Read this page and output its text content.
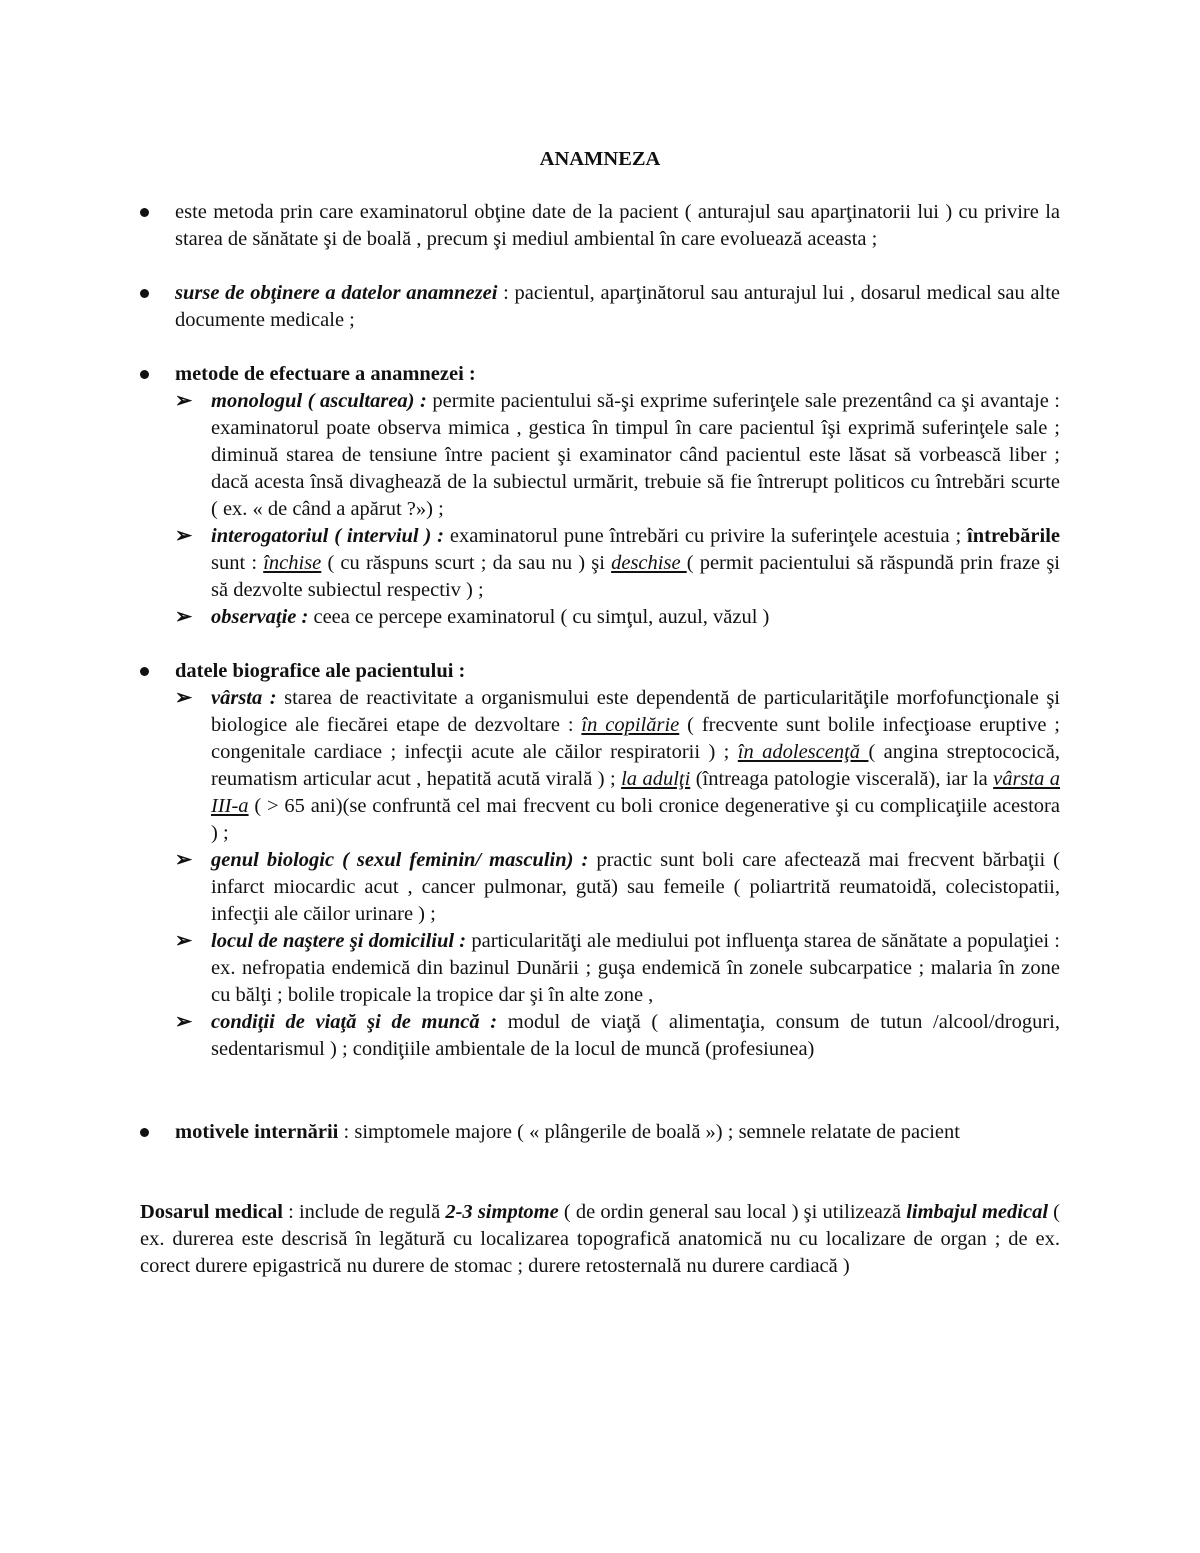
ANAMNEZA
este metoda prin care examinatorul obţine date de la pacient ( anturajul sau aparţinatorii lui ) cu privire la starea de sănătate şi de boală , precum şi mediul ambiental în care evoluează aceasta ;
surse de obţinere a datelor anamnezei : pacientul, aparţinătorul sau anturajul lui , dosarul medical sau alte documente medicale ;
metode de efectuare a anamnezei :
➢ monologul ( ascultarea) : permite pacientului să-şi exprime suferinţele sale prezentând ca şi avantaje : examinatorul poate observa mimica , gestica în timpul în care pacientul îşi exprimă suferinţele sale ; diminuă starea de tensiune între pacient şi examinator când pacientul este lăsat să vorbească liber ; dacă acesta însă divaghează de la subiectul urmărit, trebuie să fie întrerupt politicos cu întrebări scurte ( ex. « de când a apărut ?») ;
➢ interogatoriul ( interviul ) : examinatorul pune întrebări cu privire la suferinţele acestuia ; întrebările sunt : închise ( cu răspuns scurt ; da sau nu ) şi deschise ( permit pacientului să răspundă prin fraze şi să dezvolte subiectul respectiv ) ;
➢ observaţie : ceea ce percepe examinatorul ( cu simţul, auzul, văzul )
datele biografice ale pacientului :
➢ vârsta : starea de reactivitate a organismului este dependentă de particularităţile morfofuncţionale şi biologice ale fiecărei etape de dezvoltare : în copilărie ( frecvente sunt bolile infecţioase eruptive ; congenitale cardiace ; infecţii acute ale căilor respiratorii ) ; în adolescenţă ( angina streptococică, reumatism articular acut , hepatită acută virală ) ; la adulţi (întreaga patologie viscerală), iar la vârsta a III-a ( > 65 ani)(se confruntă cel mai frecvent cu boli cronice degenerative şi cu complicaţiile acestora ) ;
➢ genul biologic ( sexul feminin/ masculin) : practic sunt boli care afectează mai frecvent bărbaţii ( infarct miocardic acut , cancer pulmonar, gută) sau femeile ( poliartrită reumatoidă, colecistopatii, infecţii ale căilor urinare ) ;
➢ locul de naştere şi domiciliul : particularităţi ale mediului pot influenţa starea de sănătate a populaţiei : ex. nefropatia endemică din bazinul Dunării ; guşa endemică în zonele subcarpatice ; malaria în zone cu bălţi ; bolile tropicale la tropice dar şi în alte zone ,
➢ condiţii de viaţă şi de muncă : modul de viaţă ( alimentaţia, consum de tutun /alcool/droguri, sedentarismul ) ; condiţiile ambientale de la locul de muncă (profesiunea)
motivele internării : simptomele majore ( « plângerile de boală ») ; semnele relatate de pacient
Dosarul medical : include de regulă 2-3 simptome ( de ordin general sau local ) şi utilizează limbajul medical ( ex. durerea este descrisă în legătură cu localizarea topografică anatomică nu cu localizare de organ ; de ex. corect durere epigastrică nu durere de stomac ; durere retosternală nu durere cardiacă )
